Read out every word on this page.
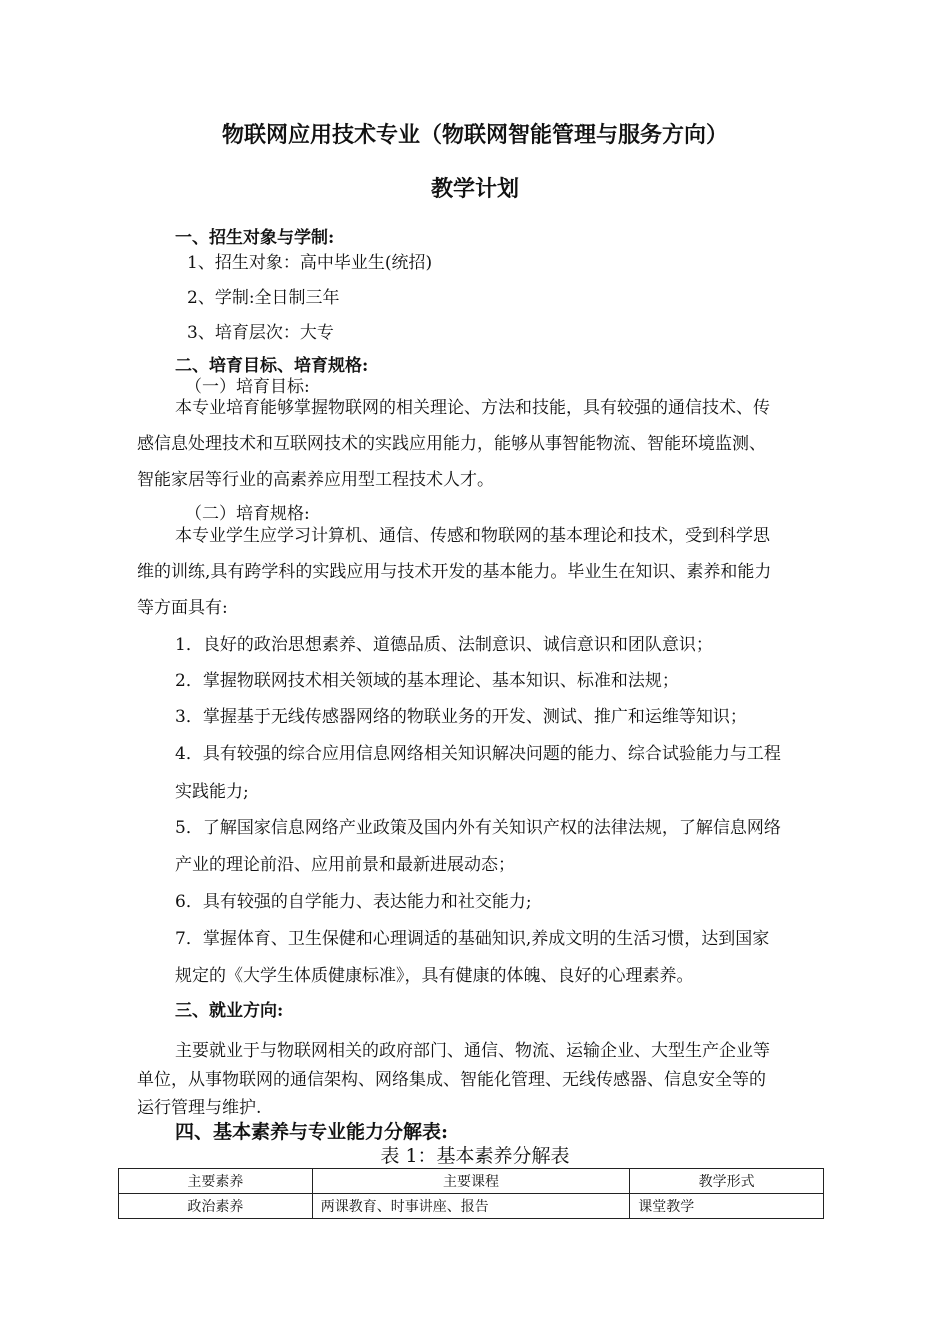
物联网应用技术专业（物联网智能管理与服务方向）
教学计划
一、招生对象与学制:
1、招生对象：高中毕业生(统招)
2、学制:全日制三年
3、培育层次：大专
二、培育目标、培育规格:
（一）培育目标:
本专业培育能够掌握物联网的相关理论、方法和技能，具有较强的通信技术、传
感信息处理技术和互联网技术的实践应用能力，能够从事智能物流、智能环境监测、
智能家居等行业的高素养应用型工程技术人才。
（二）培育规格:
本专业学生应学习计算机、通信、传感和物联网的基本理论和技术，受到科学思
维的训练,具有跨学科的实践应用与技术开发的基本能力。毕业生在知识、素养和能力
等方面具有:
1．良好的政治思想素养、道德品质、法制意识、诚信意识和团队意识；
2．掌握物联网技术相关领域的基本理论、基本知识、标准和法规；
3．掌握基于无线传感器网络的物联业务的开发、测试、推广和运维等知识；
4．具有较强的综合应用信息网络相关知识解决问题的能力、综合试验能力与工程
实践能力;
5．了解国家信息网络产业政策及国内外有关知识产权的法律法规，了解信息网络
产业的理论前沿、应用前景和最新进展动态；
6．具有较强的自学能力、表达能力和社交能力;
7．掌握体育、卫生保健和心理调适的基础知识,养成文明的生活习惯，达到国家
规定的《大学生体质健康标准》，具有健康的体魄、良好的心理素养。
三、就业方向:
主要就业于与物联网相关的政府部门、通信、物流、运输企业、大型生产企业等
单位，从事物联网的通信架构、网络集成、智能化管理、无线传感器、信息安全等的
运行管理与维护.
四、基本素养与专业能力分解表:
表 1：基本素养分解表
主要素养	主要课程	教学形式
政治素养	两课教育、时事讲座、报告	课堂教学
